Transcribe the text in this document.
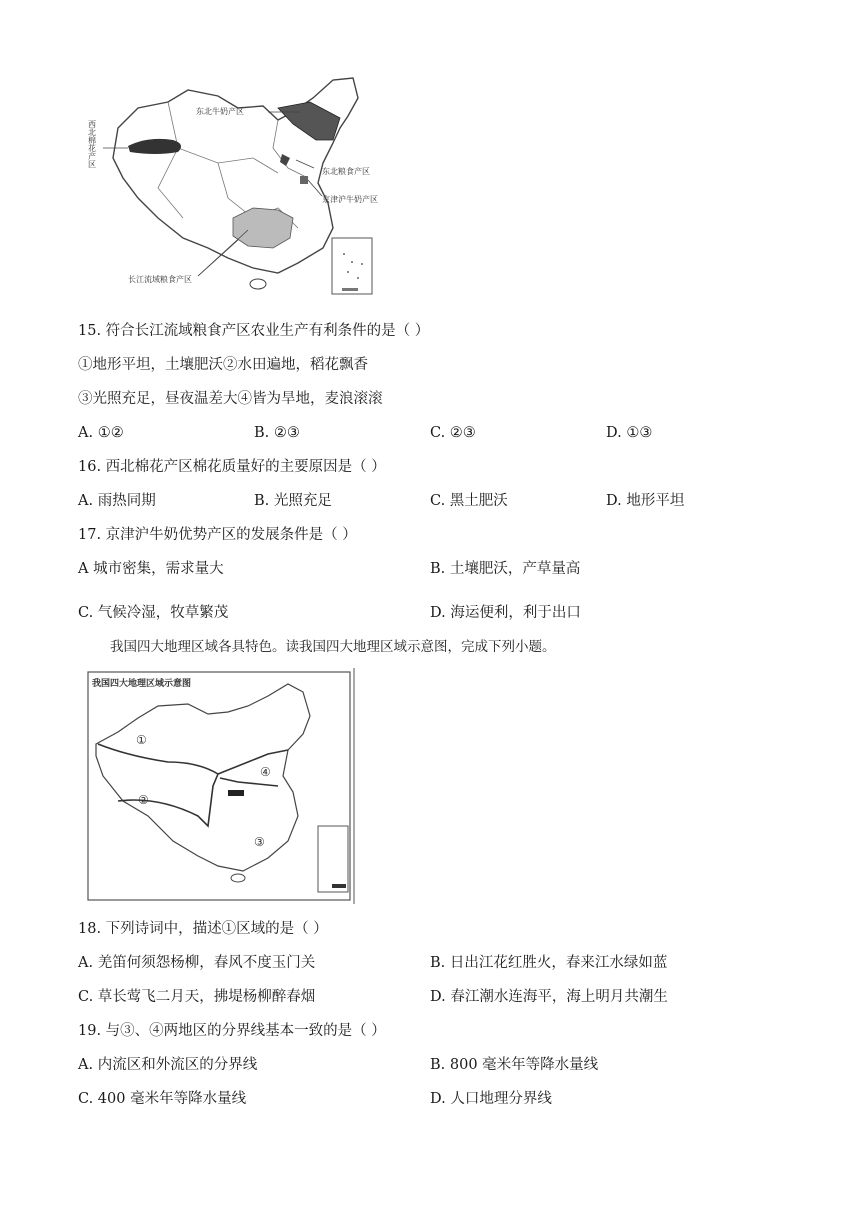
东北牛奶产区
东北粮食产区
京津沪牛奶产区
长江流域粮食产区
西北棉花产区
15. 符合长江流域粮食产区农业生产有利条件的是（ ）
①地形平坦，土壤肥沃②水田遍地，稻花飘香
③光照充足，昼夜温差大④皆为旱地，麦浪滚滚
A. ①②	B. ②③	C. ②③	D. ①③
16. 西北棉花产区棉花质量好的主要原因是（ ）
A. 雨热同期	B. 光照充足	C. 黑土肥沃	D. 地形平坦
17. 京津沪牛奶优势产区的发展条件是（ ）
A 城市密集，需求量大	B. 土壤肥沃，产草量高
C. 气候冷湿，牧草繁茂	D. 海运便利，利于出口
我国四大地理区域各具特色。读我国四大地理区域示意图，完成下列小题。
我国四大地理区域示意图
①
②
③
④
18. 下列诗词中，描述①区域的是（ ）
A. 羌笛何须怨杨柳，春风不度玉门关	B. 日出江花红胜火，春来江水绿如蓝
C. 草长莺飞二月天，拂堤杨柳醉春烟	D. 春江潮水连海平，海上明月共潮生
19. 与③、④两地区的分界线基本一致的是（ ）
A. 内流区和外流区的分界线	B. 800 毫米年等降水量线
C. 400 毫米年等降水量线	D. 人口地理分界线
